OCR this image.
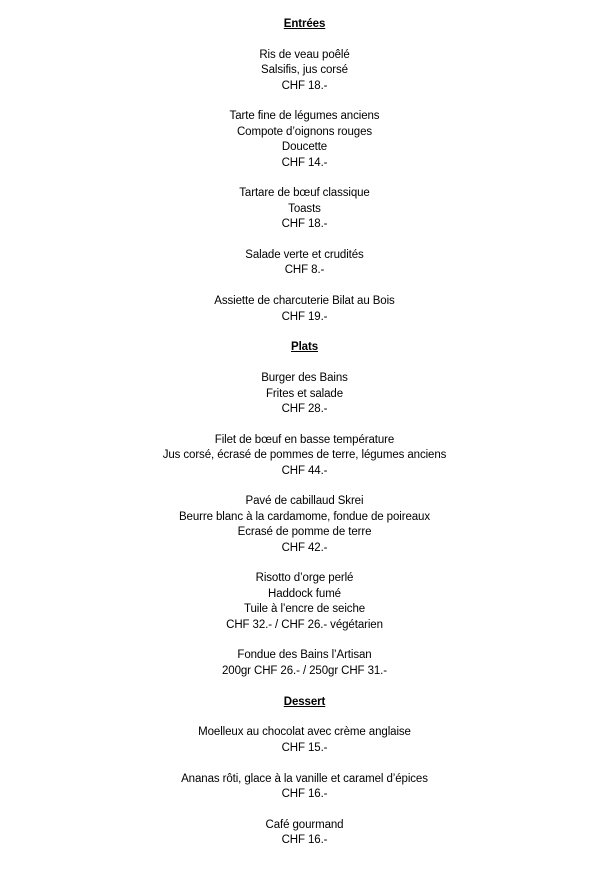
Entrées
Ris de veau poêlé
Salsifis, jus corsé
CHF 18.-
Tarte fine de légumes anciens
Compote d’oignons rouges
Doucette
CHF 14.-
Tartare de bœuf classique
Toasts
CHF 18.-
Salade verte et crudités
CHF 8.-
Assiette de charcuterie Bilat au Bois
CHF 19.-
Plats
Burger des Bains
Frites et salade
CHF 28.-
Filet de bœuf en basse température
Jus corsé, écrasé de pommes de terre, légumes anciens
CHF 44.-
Pavé de cabillaud Skrei
Beurre blanc à la cardamome, fondue de poireaux
Ecrasé de pomme de terre
CHF 42.-
Risotto d’orge perlé
Haddock fumé
Tuile à l’encre de seiche
CHF 32.- / CHF 26.- végétarien
Fondue des Bains l’Artisan
200gr CHF 26.- / 250gr CHF 31.-
Dessert
Moelleux au chocolat avec crème anglaise
CHF 15.-
Ananas rôti, glace à la vanille et caramel d’épices
CHF 16.-
Café gourmand
CHF 16.-
